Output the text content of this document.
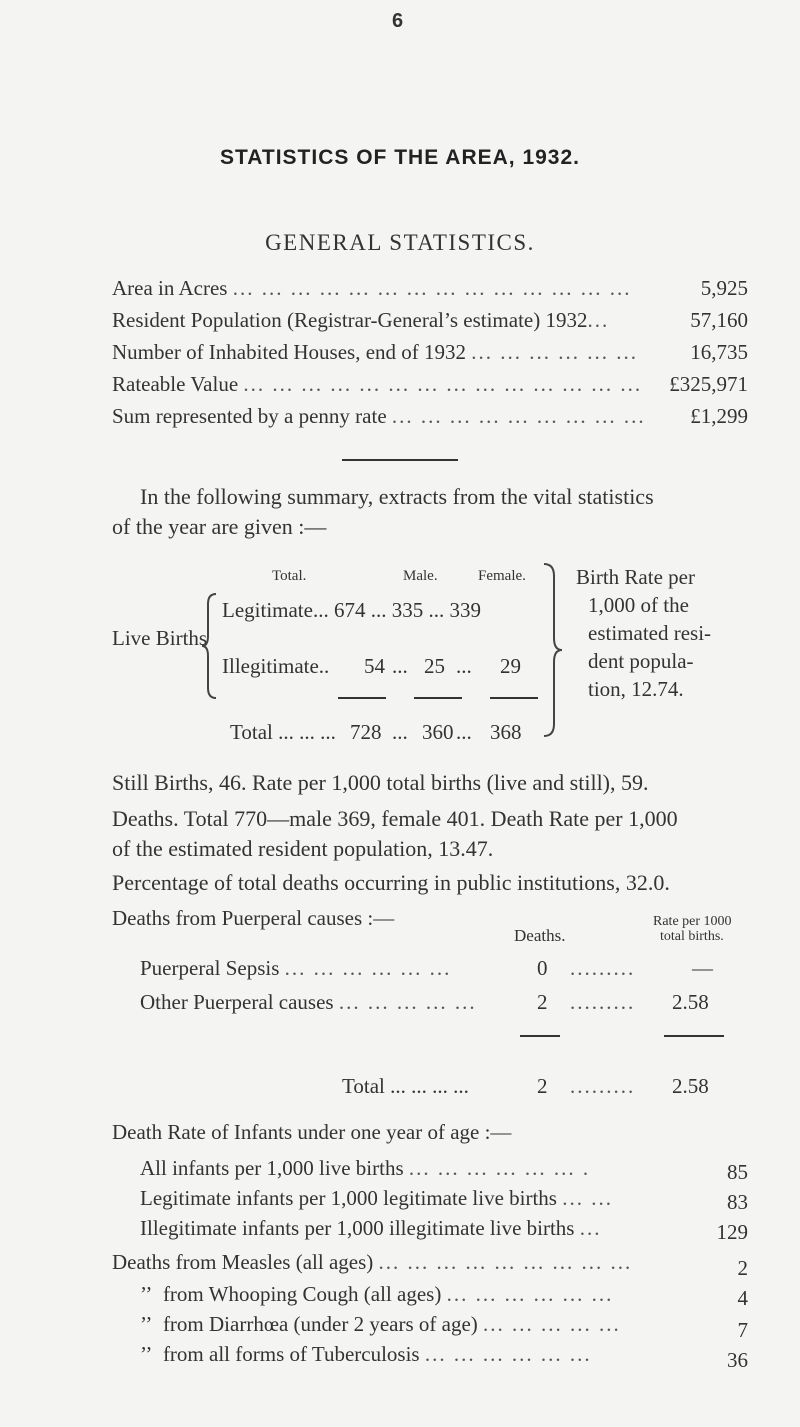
6
STATISTICS OF THE AREA, 1932.
GENERAL STATISTICS.
Area in Acres ... ... ... ... ... ... ... ... ... ... ... ... ... ...	5,925
Resident Population (Registrar-General’s estimate) 1932...	57,160
Number of Inhabited Houses, end of 1932 ... ... ... ... ... ... 16,735
Rateable Value ... ... ... ... ... ... ... ... ... ... ... ... ... ... £325,971
Sum represented by a penny rate ... ... ... ... ... ... ... ... ... £1,299
In the following summary, extracts from the vital statistics
of the year are given :—
Total.	Male.	Female.
Live Births
Legitimate... 674 ... 335 ... 339
Illegitimate.. 54 ... 25 ... 29
Total ... ... ... 728 ... 360 ... 368
Birth Rate per
1,000 of the
estimated resi-
dent popula-
tion, 12.74.
Still Births, 46. Rate per 1,000 total births (live and still), 59.
Deaths. Total 770—male 369, female 401. Death Rate per 1,000
of the estimated resident population, 13.47.
Percentage of total deaths occurring in public institutions, 32.0.
Deaths from Puerperal causes :—
Deaths.
Rate per 1000
total births.
Puerperal Sepsis ... ... ... ... ... ...	0 .........	—
Other Puerperal causes ... ... ... ... ...	2 ......... 2.58
Total ... ... ... ...	2 ......... 2.58
Death Rate of Infants under one year of age :—
All infants per 1,000 live births ... ... ... ... ... ... .	85
Legitimate infants per 1,000 legitimate live births ... ...	83
Illegitimate infants per 1,000 illegitimate live births ...	129
Deaths from Measles (all ages) ... ... ... ... ... ... ... ... ...	2
’’ from Whooping Cough (all ages) ... ... ... ... ... ...	4
’’ from Diarrhœa (under 2 years of age) ... ... ... ... ...	7
’’ from all forms of Tuberculosis ... ... ... ... ... ...	36
